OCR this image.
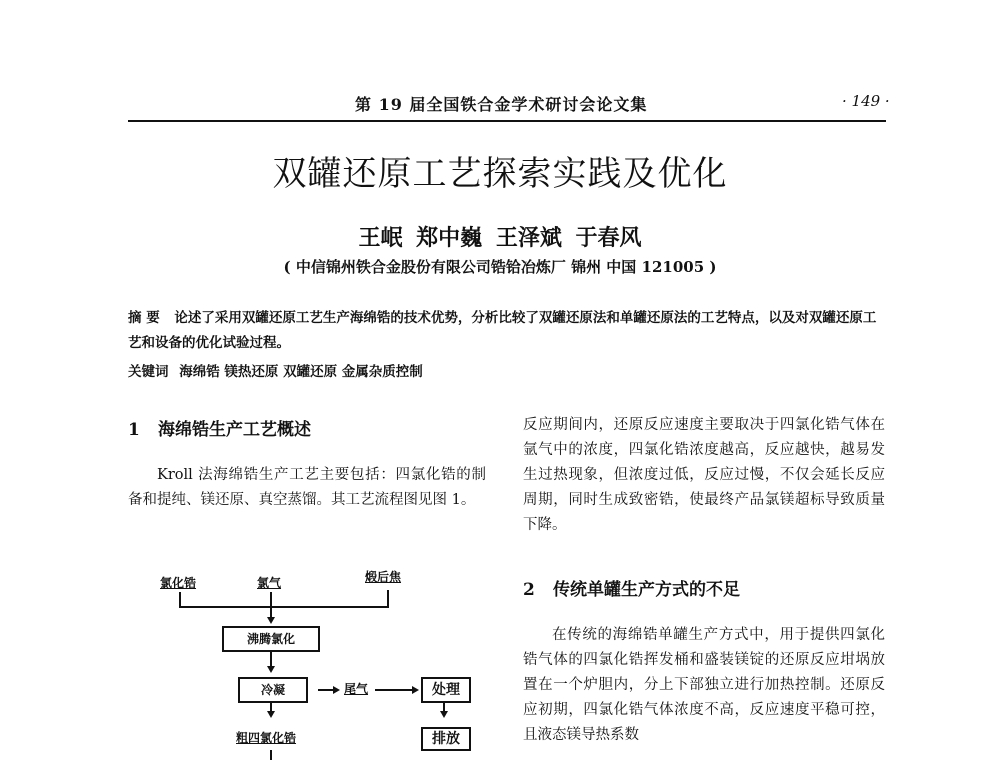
第 19 届全国铁合金学术研讨会论文集	· 149 ·
双罐还原工艺探索实践及优化
王岷 郑中巍 王泽斌 于春风
( 中信锦州铁合金股份有限公司锆铪冶炼厂 锦州 中国 121005 )
摘 要 论述了采用双罐还原工艺生产海绵锆的技术优势，分析比较了双罐还原法和单罐还原法的工艺特点，以及对双罐还原工艺和设备的优化试验过程。
关键词 海绵锆 镁热还原 双罐还原 金属杂质控制
1 海绵锆生产工艺概述
Kroll 法海绵锆生产工艺主要包括：四氯化锆的制备和提纯、镁还原、真空蒸馏。其工艺流程图见图 1。
氯化锆	氯气	煅后焦
沸腾氯化
冷凝	尾气	处理
粗四氯化锆	排放
反应期间内，还原反应速度主要取决于四氯化锆气体在氩气中的浓度，四氯化锆浓度越高，反应越快，越易发生过热现象，但浓度过低，反应过慢，不仅会延长反应周期，同时生成致密锆，使最终产品氯镁超标导致质量下降。
2 传统单罐生产方式的不足
在传统的海绵锆单罐生产方式中，用于提供四氯化锆气体的四氯化锆挥发桶和盛装镁锭的还原反应坩埚放置在一个炉胆内，分上下部独立进行加热控制。还原反应初期，四氯化锆气体浓度不高，反应速度平稳可控，且液态镁导热系数
